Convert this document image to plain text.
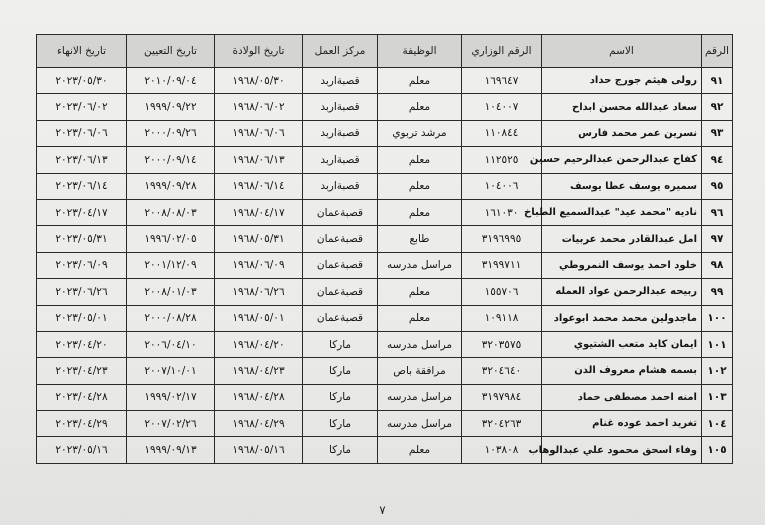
الرقم	الاسم	الرقم الوزاري	الوظيفة	مركز العمل	تاريخ الولادة	تاريخ التعيين	تاريخ الانهاء
٩١	رولى هيثم جورج حداد	١٦٩٦٤٧	معلم	قصبةاربد	١٩٦٨/٠٥/٣٠	٢٠١٠/٠٩/٠٤	٢٠٢٣/٠٥/٣٠
٩٢	سعاد عبدالله محسن ابداح	١٠٤٠٠٧	معلم	قصبةاربد	١٩٦٨/٠٦/٠٢	١٩٩٩/٠٩/٢٢	٢٠٢٣/٠٦/٠٢
٩٣	نسرين عمر محمد فارس	١١٠٨٤٤	مرشد تربوي	قصبةاربد	١٩٦٨/٠٦/٠٦	٢٠٠٠/٠٩/٢٦	٢٠٢٣/٠٦/٠٦
٩٤	كفاح عبدالرحمن عبدالرحيم حسين	١١٢٥٢٥	معلم	قصبةاربد	١٩٦٨/٠٦/١٣	٢٠٠٠/٠٩/١٤	٢٠٢٣/٠٦/١٣
٩٥	سميره يوسف عطا يوسف	١٠٤٠٠٦	معلم	قصبةاربد	١٩٦٨/٠٦/١٤	١٩٩٩/٠٩/٢٨	٢٠٢٣/٠٦/١٤
٩٦	ناديه "محمد عيد" عبدالسميع الطباخ	١٦١٠٣٠	معلم	قصبةعمان	١٩٦٨/٠٤/١٧	٢٠٠٨/٠٨/٠٣	٢٠٢٣/٠٤/١٧
٩٧	امل عبدالقادر محمد عربيات	٣١٩٦٩٩٥	طابع	قصبةعمان	١٩٦٨/٠٥/٣١	١٩٩٦/٠٢/٠٥	٢٠٢٣/٠٥/٣١
٩٨	خلود احمد يوسف النمروطي	٣١٩٩٧١١	مراسل مدرسه	قصبةعمان	١٩٦٨/٠٦/٠٩	٢٠٠١/١٢/٠٩	٢٠٢٣/٠٦/٠٩
٩٩	ربيحه عبدالرحمن عواد العمله	١٥٥٧٠٦	معلم	قصبةعمان	١٩٦٨/٠٦/٢٦	٢٠٠٨/٠١/٠٣	٢٠٢٣/٠٦/٢٦
١٠٠	ماجدولين محمد محمد ابوعواد	١٠٩١١٨	معلم	قصبةعمان	١٩٦٨/٠٥/٠١	٢٠٠٠/٠٨/٢٨	٢٠٢٣/٠٥/٠١
١٠١	ايمان كايد متعب الشتيوي	٣٢٠٣٥٧٥	مراسل مدرسه	ماركا	١٩٦٨/٠٤/٢٠	٢٠٠٦/٠٤/١٠	٢٠٢٣/٠٤/٢٠
١٠٢	بسمه هشام معروف الدن	٣٢٠٤٦٤٠	مرافقة باص	ماركا	١٩٦٨/٠٤/٢٣	٢٠٠٧/١٠/٠١	٢٠٢٣/٠٤/٢٣
١٠٣	امنه احمد مصطفى حماد	٣١٩٧٩٨٤	مراسل مدرسه	ماركا	١٩٦٨/٠٤/٢٨	١٩٩٩/٠٢/١٧	٢٠٢٣/٠٤/٢٨
١٠٤	تغريد احمد عوده غنام	٣٢٠٤٢٦٣	مراسل مدرسه	ماركا	١٩٦٨/٠٤/٢٩	٢٠٠٧/٠٢/٢٦	٢٠٢٣/٠٤/٢٩
١٠٥	وفاء اسحق محمود علي عبدالوهاب	١٠٣٨٠٨	معلم	ماركا	١٩٦٨/٠٥/١٦	١٩٩٩/٠٩/١٣	٢٠٢٣/٠٥/١٦
٧
